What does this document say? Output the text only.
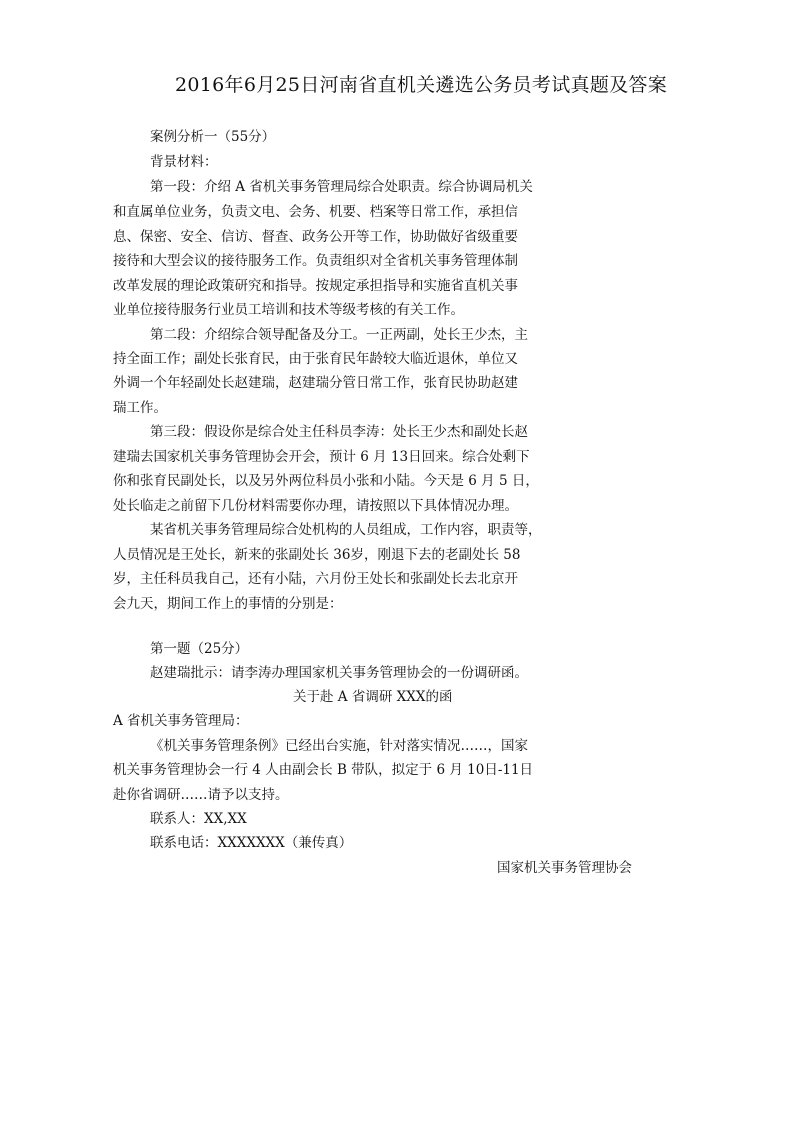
2016年6月25日河南省直机关遴选公务员考试真题及答案
案例分析一（55分）
背景材料：
第一段：介绍 A 省机关事务管理局综合处职责。综合协调局机关
和直属单位业务，负责文电、会务、机要、档案等日常工作，承担信
息、保密、安全、信访、督查、政务公开等工作，协助做好省级重要
接待和大型会议的接待服务工作。负责组织对全省机关事务管理体制
改革发展的理论政策研究和指导。按规定承担指导和实施省直机关事
业单位接待服务行业员工培训和技术等级考核的有关工作。
第二段：介绍综合领导配备及分工。一正两副，处长王少杰，主
持全面工作；副处长张育民，由于张育民年龄较大临近退休，单位又
外调一个年轻副处长赵建瑞，赵建瑞分管日常工作，张育民协助赵建
瑞工作。
第三段：假设你是综合处主任科员李涛：处长王少杰和副处长赵
建瑞去国家机关事务管理协会开会，预计 6 月 13日回来。综合处剩下
你和张育民副处长，以及另外两位科员小张和小陆。今天是 6 月 5 日，
处长临走之前留下几份材料需要你办理，请按照以下具体情况办理。
某省机关事务管理局综合处机构的人员组成，工作内容，职责等，
人员情况是王处长，新来的张副处长 36岁，刚退下去的老副处长 58
岁，主任科员我自己，还有小陆，六月份王处长和张副处长去北京开
会九天，期间工作上的事情的分别是：
第一题（25分）
赵建瑞批示：请李涛办理国家机关事务管理协会的一份调研函。
关于赴 A 省调研 XXX的函
A 省机关事务管理局：
《机关事务管理条例》已经出台实施，针对落实情况……，国家
机关事务管理协会一行 4 人由副会长 B 带队，拟定于 6 月 10日-11日
赴你省调研……请予以支持。
联系人：XX,XX
联系电话：XXXXXXX（兼传真）
国家机关事务管理协会
